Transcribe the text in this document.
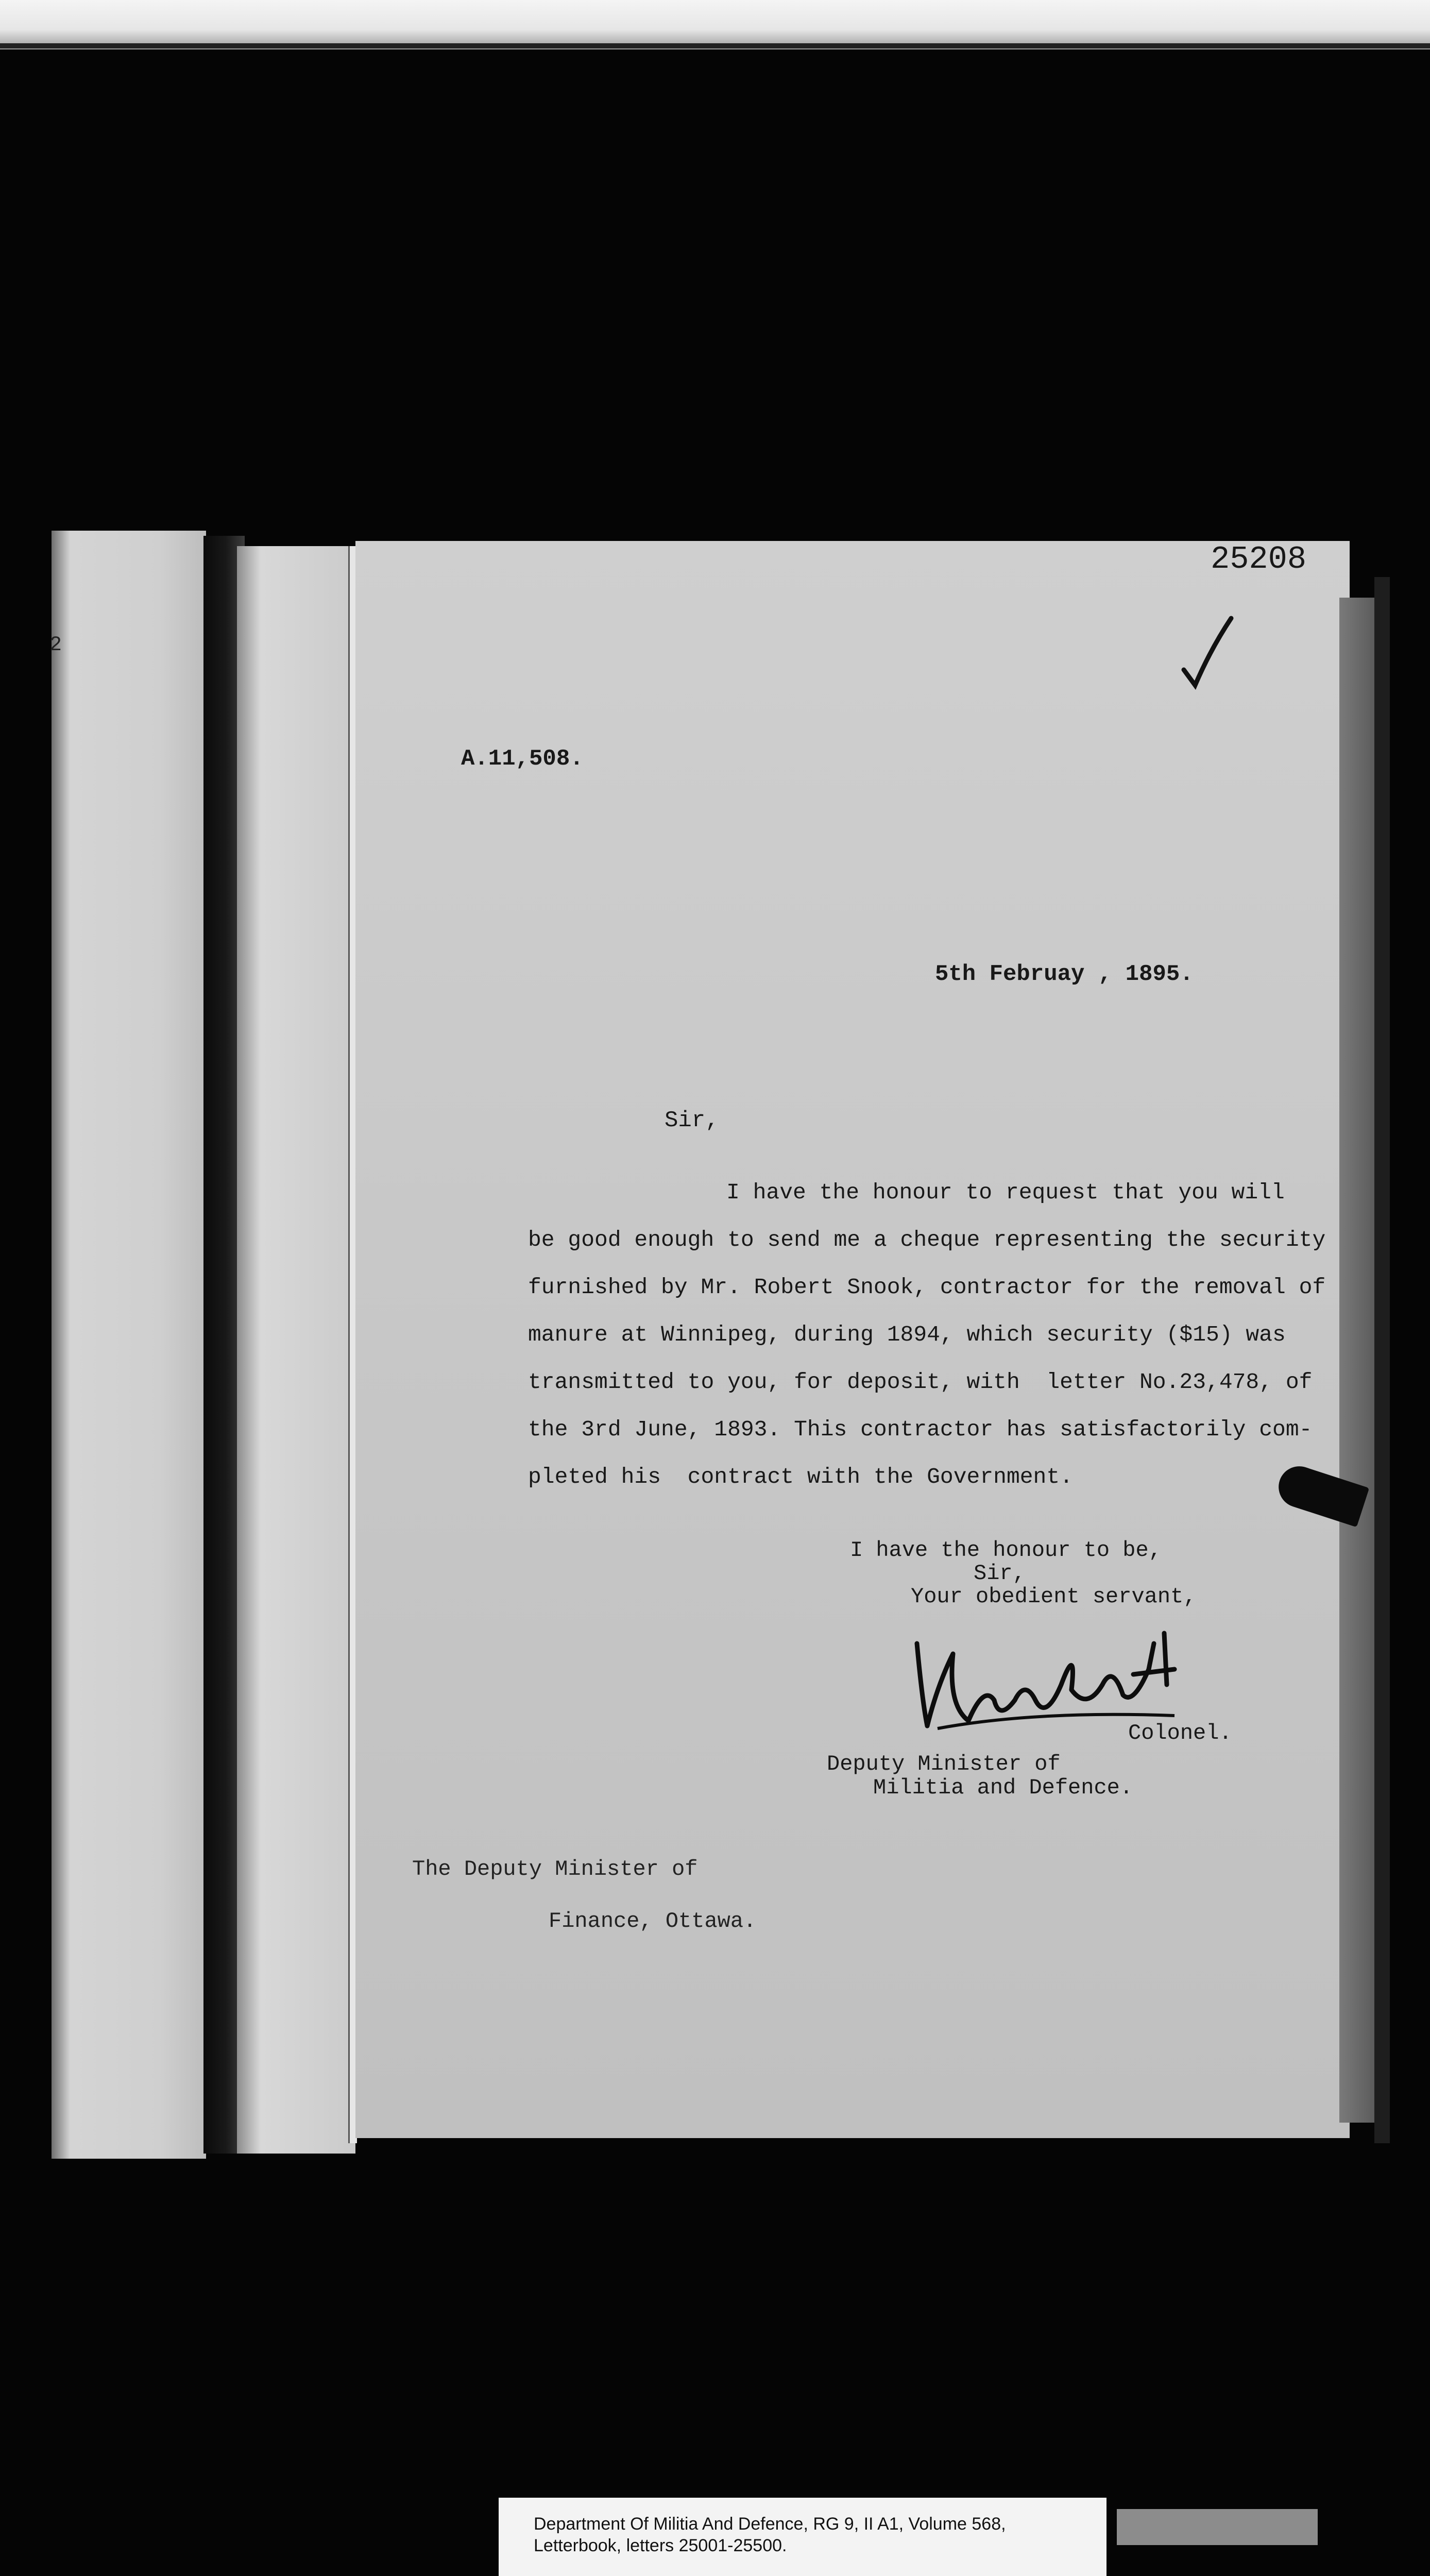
2
25208
A.11,508.
5th Februay , 1895.
Sir,
I have the honour to request that you will
be good enough to send me a cheque representing the security
furnished by Mr. Robert Snook, contractor for the removal of
manure at Winnipeg, during 1894, which security ($15) was
transmitted to you, for deposit, with  letter No.23,478, of
the 3rd June, 1893. This contractor has satisfactorily com-
pleted his  contract with the Government.
I have the honour to be,
Sir,
Your obedient servant,
Colonel.
Deputy Minister of
Militia and Defence.
The Deputy Minister of
Finance, Ottawa.
Department Of Militia And Defence, RG 9, II A1, Volume 568,
Letterbook, letters 25001-25500.
